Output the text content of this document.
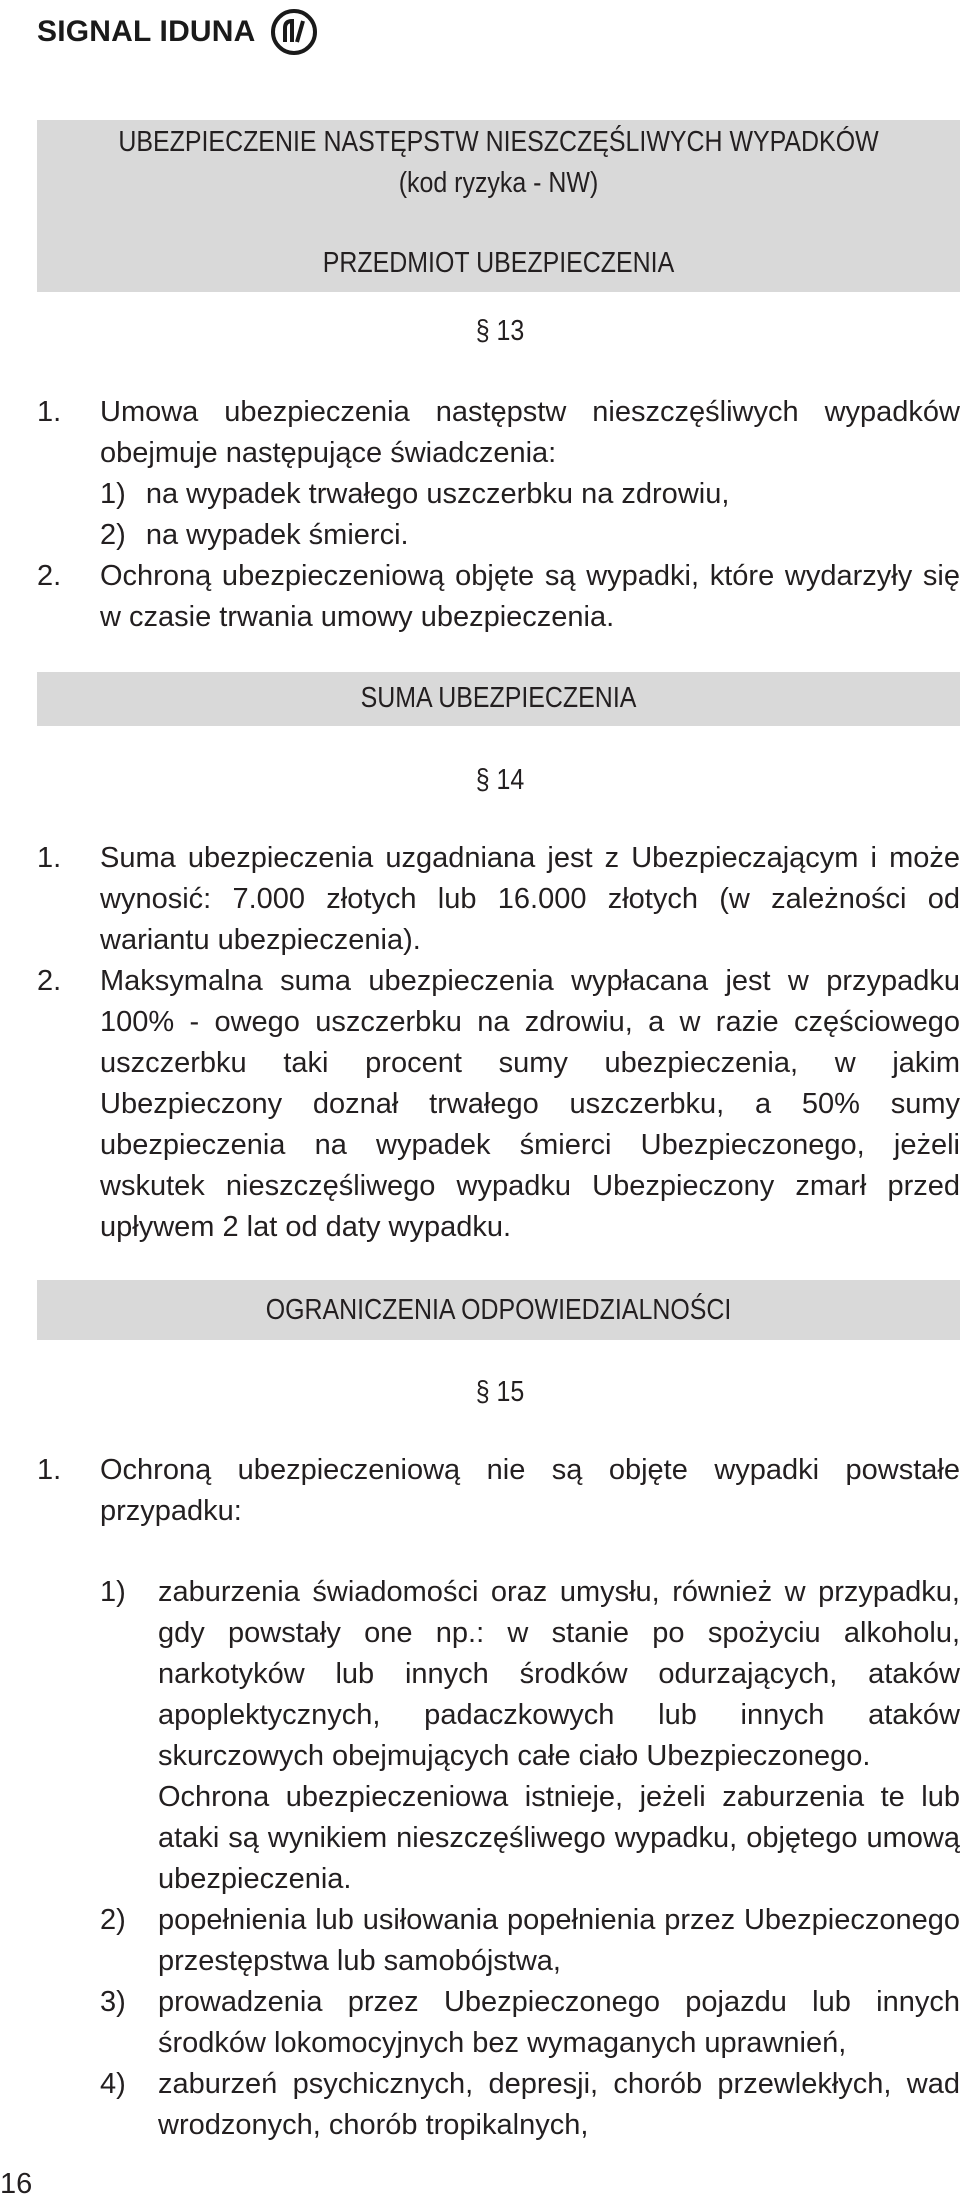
SIGNAL IDUNA
UBEZPIECZENIE NASTĘPSTW NIESZCZĘŚLIWYCH WYPADKÓW
(kod ryzyka - NW)
PRZEDMIOT UBEZPIECZENIA
§ 13
1.	Umowa ubezpieczenia następstw nieszczęśliwych wypadków obejmuje następujące świadczenia:
1) na wypadek trwałego uszczerbku na zdrowiu,
2) na wypadek śmierci.
2.	Ochroną ubezpieczeniową objęte są wypadki, które wydarzyły się w czasie trwania umowy ubezpieczenia.
SUMA UBEZPIECZENIA
§ 14
1.	Suma ubezpieczenia uzgadniana jest z Ubezpieczającym i może wynosić: 7.000 złotych lub 16.000 złotych (w zależności od wariantu ubezpieczenia).
2.	Maksymalna suma ubezpieczenia wypłacana jest w przypadku 100% - owego uszczerbku na zdrowiu, a w razie częściowego uszczerbku taki procent sumy ubezpieczenia, w jakim Ubezpieczony doznał trwałego uszczerbku, a 50% sumy ubezpieczenia na wypadek śmierci Ubezpieczonego, jeżeli wskutek nieszczęśliwego wypadku Ubezpieczony zmarł przed upływem 2 lat od daty wypadku.
OGRANICZENIA ODPOWIEDZIALNOŚCI
§ 15
1.	Ochroną ubezpieczeniową nie są objęte wypadki powstałe przypadku:
1)	zaburzenia świadomości oraz umysłu, również w przypadku, gdy powstały one np.: w stanie po spożyciu alkoholu, narkotyków lub innych środków odurzających, ataków apoplektycznych, padaczkowych lub innych ataków skurczowych obejmujących całe ciało Ubezpieczonego.
Ochrona ubezpieczeniowa istnieje, jeżeli zaburzenia te lub ataki są wynikiem nieszczęśliwego wypadku, objętego umową ubezpieczenia.
2)	popełnienia lub usiłowania popełnienia przez Ubezpieczonego przestępstwa lub samobójstwa,
3)	prowadzenia przez Ubezpieczonego pojazdu lub innych środków lokomocyjnych bez wymaganych uprawnień,
4)	zaburzeń psychicznych, depresji, chorób przewlekłych, wad wrodzonych, chorób tropikalnych,
16
